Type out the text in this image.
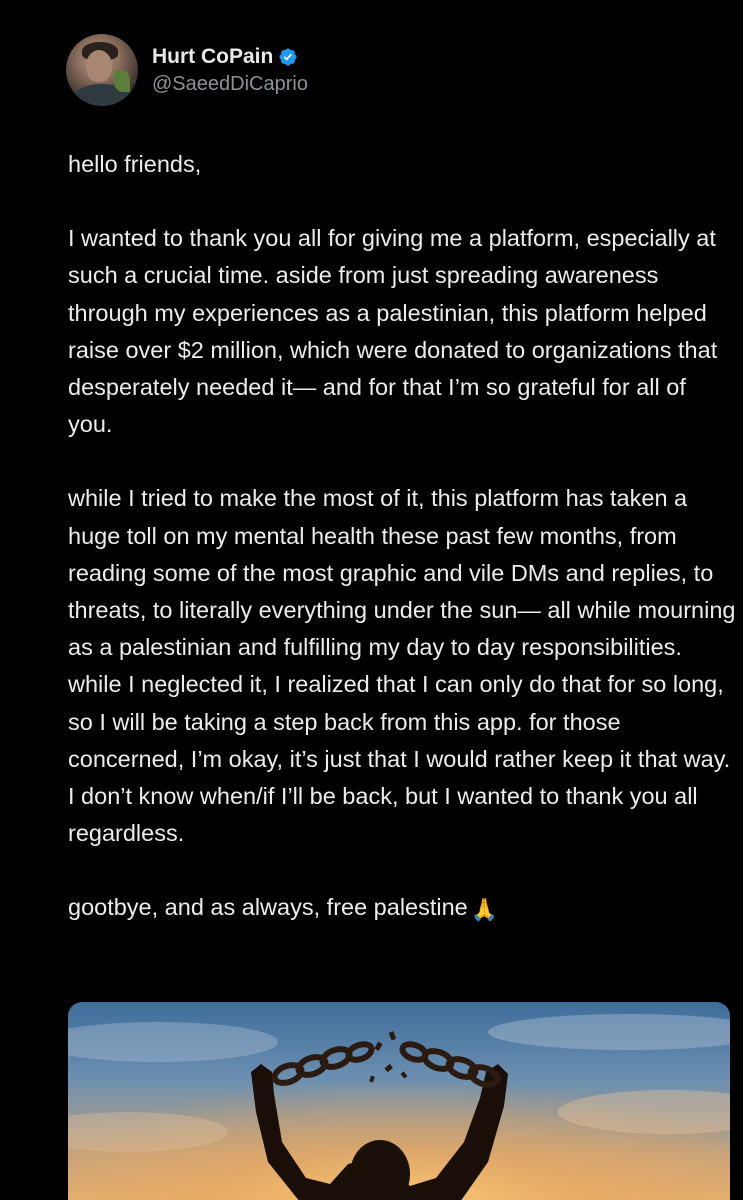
Hurt CoPain
@SaeedDiCaprio

hello friends,

I wanted to thank you all for giving me a platform, especially at such a crucial time. aside from just spreading awareness through my experiences as a palestinian, this platform helped raise over $2 million, which were donated to organizations that desperately needed it— and for that I’m so grateful for all of you.

while I tried to make the most of it, this platform has taken a huge toll on my mental health these past few months, from reading some of the most graphic and vile DMs and replies, to threats, to literally everything under the sun— all while mourning as a palestinian and fulfilling my day to day responsibilities. while I neglected it, I realized that I can only do that for so long, so I will be taking a step back from this app. for those concerned, I’m okay, it’s just that I would rather keep it that way. I don’t know when/if I’ll be back, but I wanted to thank you all regardless.

gootbye, and as always, free palestine 🙏
